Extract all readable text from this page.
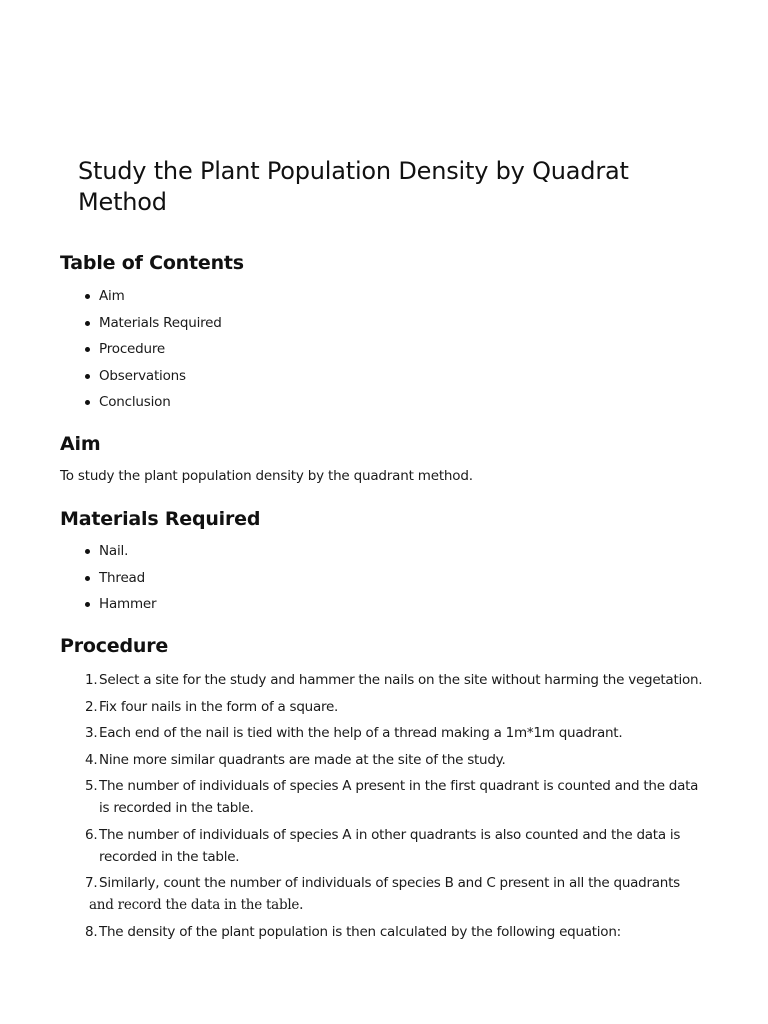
Study the Plant Population Density by Quadrat Method
Table of Contents
Aim
Materials Required
Procedure
Observations
Conclusion
Aim

To study the plant population density by the quadrant method.

Materials Required
Nail.
Thread
Hammer
Procedure
1. Select a site for the study and hammer the nails on the site without harming the vegetation.
2. Fix four nails in the form of a square.
3. Each end of the nail is tied with the help of a thread making a 1m*1m quadrant.
4. Nine more similar quadrants are made at the site of the study.
5. The number of individuals of species A present in the first quadrant is counted and the data is recorded in the table.
6. The number of individuals of species A in other quadrants is also counted and the data is recorded in the table.
7. Similarly, count the number of individuals of species B and C present in all the quadrants
and record the data in the table.
8. The density of the plant population is then calculated by the following equation:
